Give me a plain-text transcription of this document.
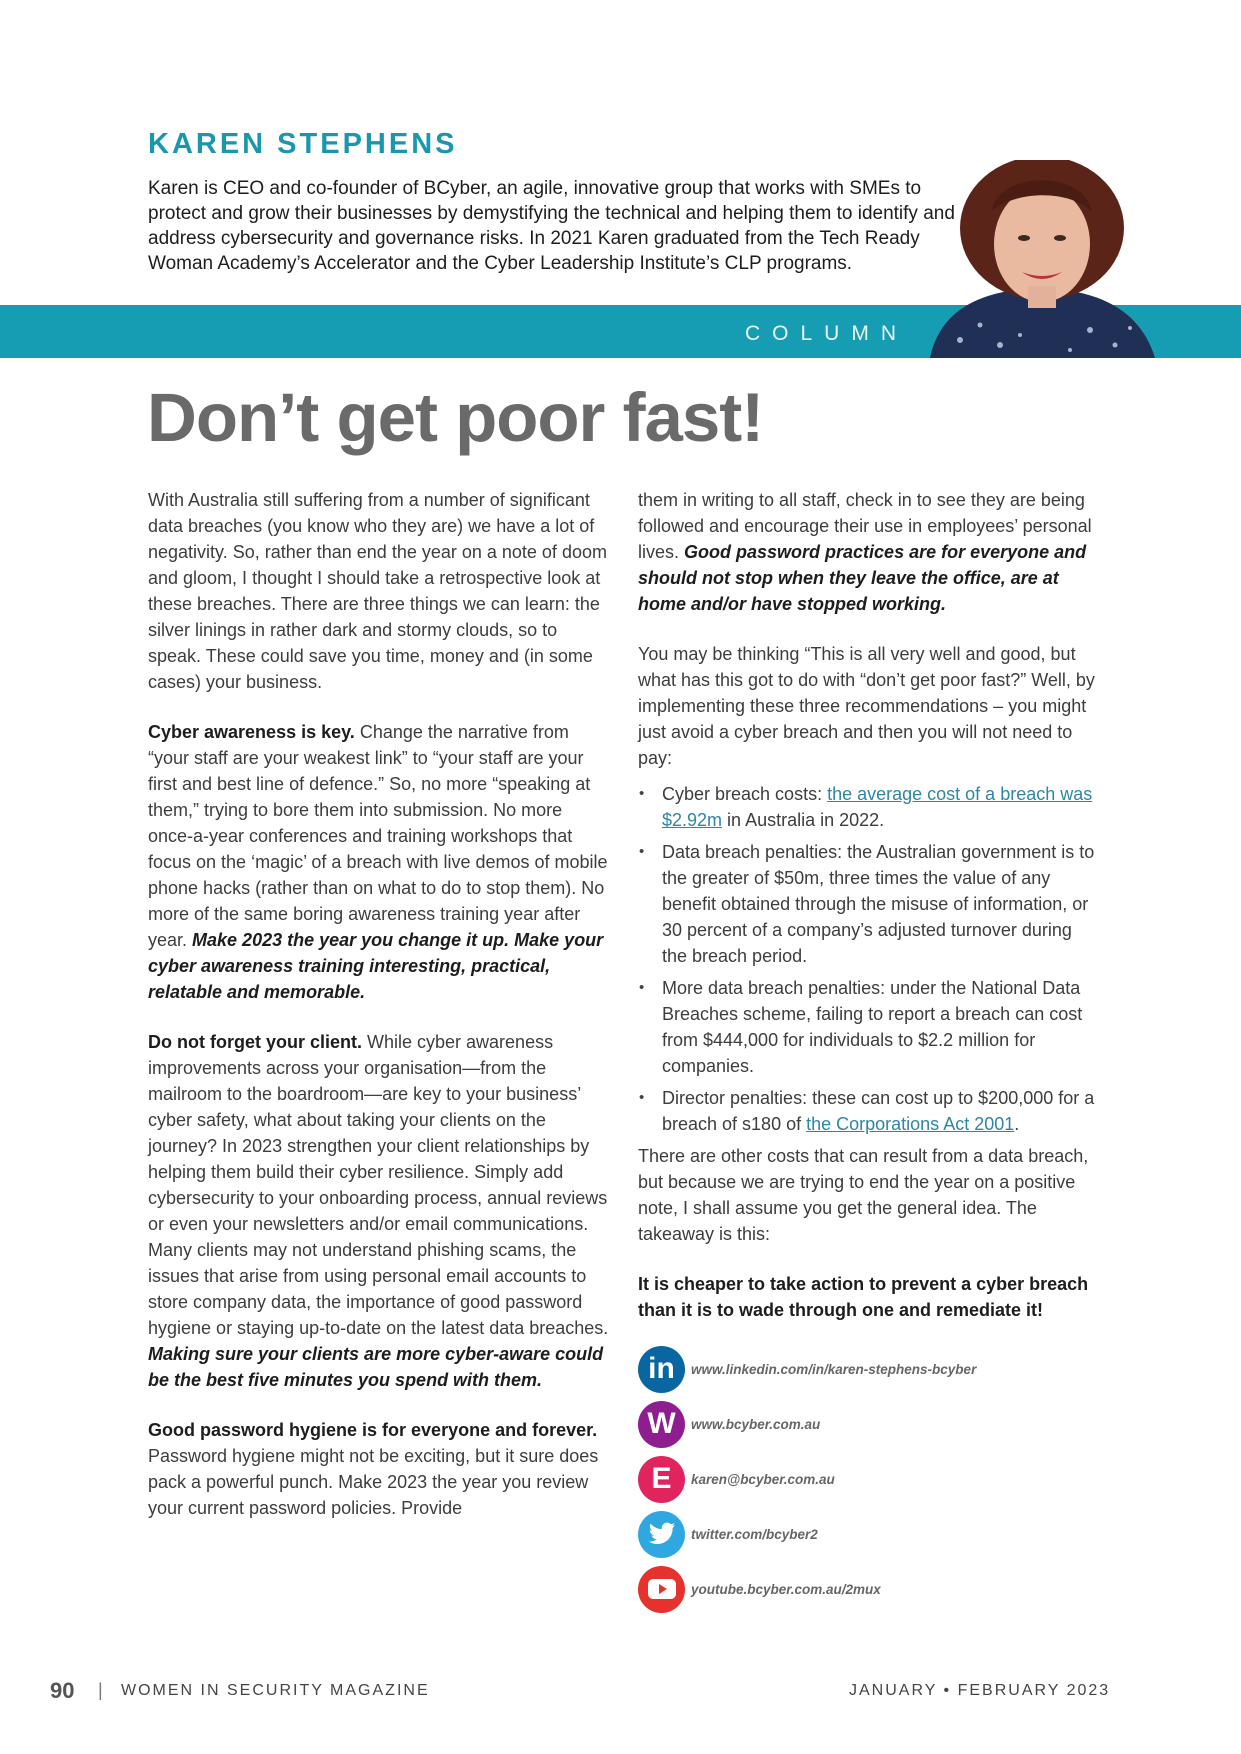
KAREN STEPHENS

Karen is CEO and co-founder of BCyber, an agile, innovative group that works with SMEs to protect and grow their businesses by demystifying the technical and helping them to identify and address cybersecurity and governance risks. In 2021 Karen graduated from the Tech Ready Woman Academy’s Accelerator and the Cyber Leadership Institute’s CLP programs.

COLUMN
Don’t get poor fast!

With Australia still suffering from a number of significant data breaches (you know who they are) we have a lot of negativity. So, rather than end the year on a note of doom and gloom, I thought I should take a retrospective look at these breaches. There are three things we can learn: the silver linings in rather dark and stormy clouds, so to speak. These could save you time, money and (in some cases) your business.

Cyber awareness is key. Change the narrative from “your staff are your weakest link” to “your staff are your first and best line of defence.” So, no more “speaking at them,” trying to bore them into submission. No more once-a-year conferences and training workshops that focus on the ‘magic’ of a breach with live demos of mobile phone hacks (rather than on what to do to stop them). No more of the same boring awareness training year after year. Make 2023 the year you change it up. Make your cyber awareness training interesting, practical, relatable and memorable.

Do not forget your client. While cyber awareness improvements across your organisation—from the mailroom to the boardroom—are key to your business’ cyber safety, what about taking your clients on the journey? In 2023 strengthen your client relationships by helping them build their cyber resilience. Simply add cybersecurity to your onboarding process, annual reviews or even your newsletters and/or email communications. Many clients may not understand phishing scams, the issues that arise from using personal email accounts to store company data, the importance of good password hygiene or staying up-to-date on the latest data breaches. Making sure your clients are more cyber-aware could be the best five minutes you spend with them.

Good password hygiene is for everyone and forever. Password hygiene might not be exciting, but it sure does pack a powerful punch. Make 2023 the year you review your current password policies. Provide

them in writing to all staff, check in to see they are being followed and encourage their use in employees’ personal lives. Good password practices are for everyone and should not stop when they leave the office, are at home and/or have stopped working.

You may be thinking “This is all very well and good, but what has this got to do with “don’t get poor fast?” Well, by implementing these three recommendations – you might just avoid a cyber breach and then you will not need to pay:

• Cyber breach costs: the average cost of a breach was $2.92m in Australia in 2022.
• Data breach penalties: the Australian government is to the greater of $50m, three times the value of any benefit obtained through the misuse of information, or 30 percent of a company’s adjusted turnover during the breach period.
• More data breach penalties: under the National Data Breaches scheme, failing to report a breach can cost from $444,000 for individuals to $2.2 million for companies.
• Director penalties: these can cost up to $200,000 for a breach of s180 of the Corporations Act 2001.

There are other costs that can result from a data breach, but because we are trying to end the year on a positive note, I shall assume you get the general idea. The takeaway is this:

It is cheaper to take action to prevent a cyber breach than it is to wade through one and remediate it!

in www.linkedin.com/in/karen-stephens-bcyber
W www.bcyber.com.au
E karen@bcyber.com.au
twitter.com/bcyber2
youtube.bcyber.com.au/2mux
90 | WOMEN IN SECURITY MAGAZINE	JANUARY • FEBRUARY 2023
